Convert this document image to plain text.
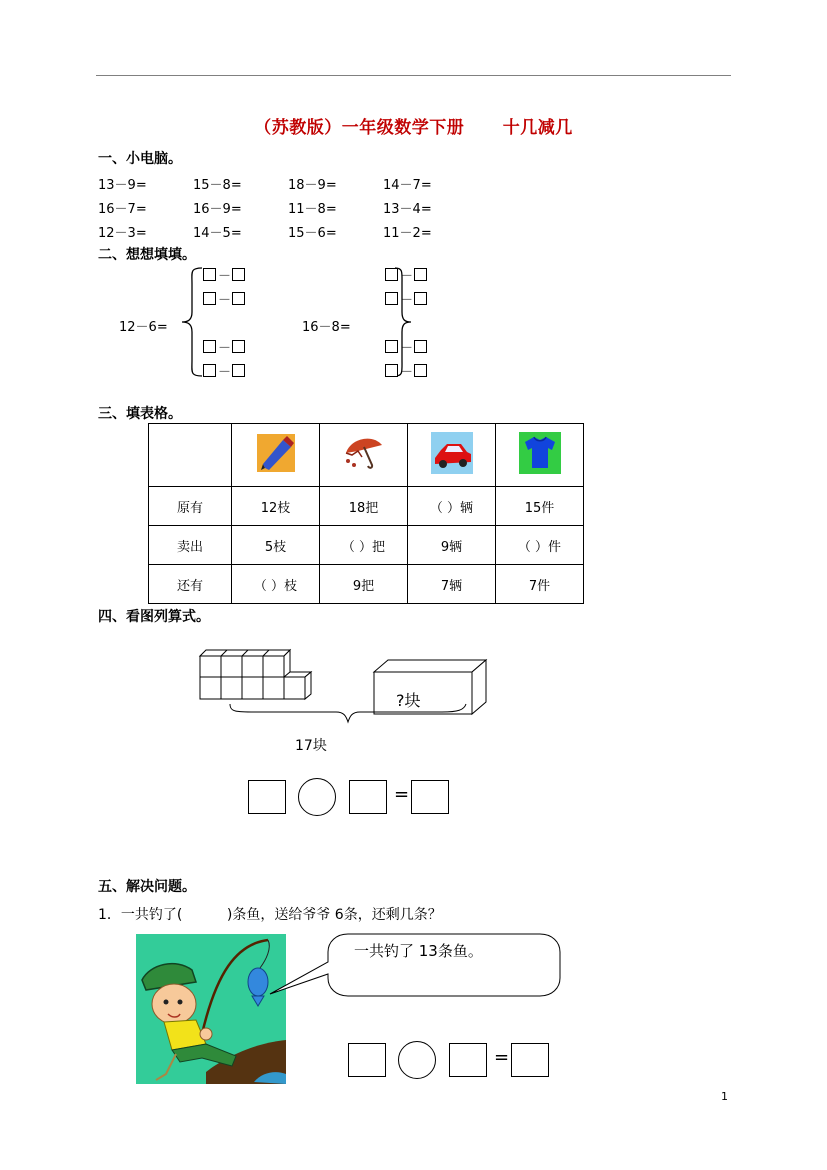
（苏教版）一年级数学下册      十几减几
一、小电脑。
13－9=	15－8=	18－9=	14－7=
16－7=	16－9=	11－8=	13－4=
12－3=	14－5=	15－6=	11－2=
二、想想填填。
12－6=	16－8=
－
－
－
－
三、填表格。

原有	12枝	18把	（ ）辆	15件
卖出	5枝	（ ）把	9辆	（ ）件
还有	（ ）枝	9把	7辆	7件
四、看图列算式。
?块
17块
=
五、解决问题。
1．一共钓了(          )条鱼，送给爷爷 6条，还剩几条？
一共钓了 13条鱼。
=
1
－
－
－
－
